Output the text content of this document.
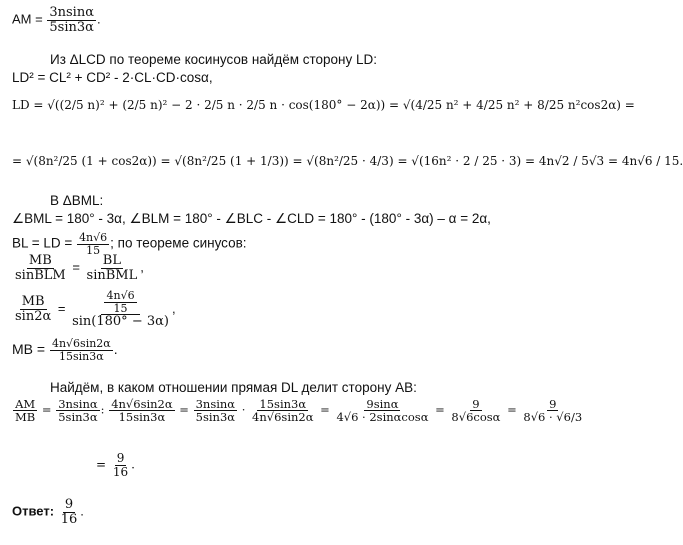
AM = $\frac{3nsin\alpha}{5\sin 3\alpha}$ .
Из ΔLCD по теореме косинусов найдём сторону LD:
LD² = CL² + CD² - 2·CL·CD·cosα,
LD = √((2/5 n)² + (2/5 n)² − 2 · 2/5 n · 2/5 n · cos(180° − 2α)) = √(4/25 n² + 4/25 n² + 8/25 n²cos2α) =
= √(8n²/25 (1 + cos2α)) = √(8n²/25 (1 + 1/3)) = √(8n²/25 · 4/3) = √(16n² · 2 / 25 · 3) = 4n√2 / 5√3 = 4n√6 / 15.
В ΔBML:
∠BML = 180° - 3α, ∠BLM = 180° - ∠BLC - ∠CLD = 180° - (180° - 3α) – α = 2α,
BL = LD = $\frac{4n√6}{15}$ ; по теореме синусов:
$\frac{MB}{\text{sinBLM}} = \frac{BL}{\text{sinBML}}$ ,
$\frac{MB}{\sin 2\alpha} = \frac{\frac{4n√6}{15}}{\sin(180^\circ - 3\alpha)}$ ,
MB = $\frac{4n√6\sin 2\alpha}{15\sin 3\alpha}$ .
Найдём, в каком отношении прямая DL делит сторону AB:
$\frac{AM}{MB} = \frac{3nsin\alpha}{5\sin 3\alpha}$ : $\frac{4n√6\sin 2\alpha}{15\sin 3\alpha} = \frac{3nsin\alpha}{5\sin 3\alpha} \cdot \frac{15\sin 3\alpha}{4n√6\sin 2\alpha} = \frac{9\sin\alpha}{4√6 \cdot 2\sin\alpha\cos\alpha} = \frac{9}{8√6\cos\alpha} = \frac{9}{8√6 \cdot √6/3}$
= $\frac{9}{16}$ .
Ответ: $\frac{9}{16}$ .
